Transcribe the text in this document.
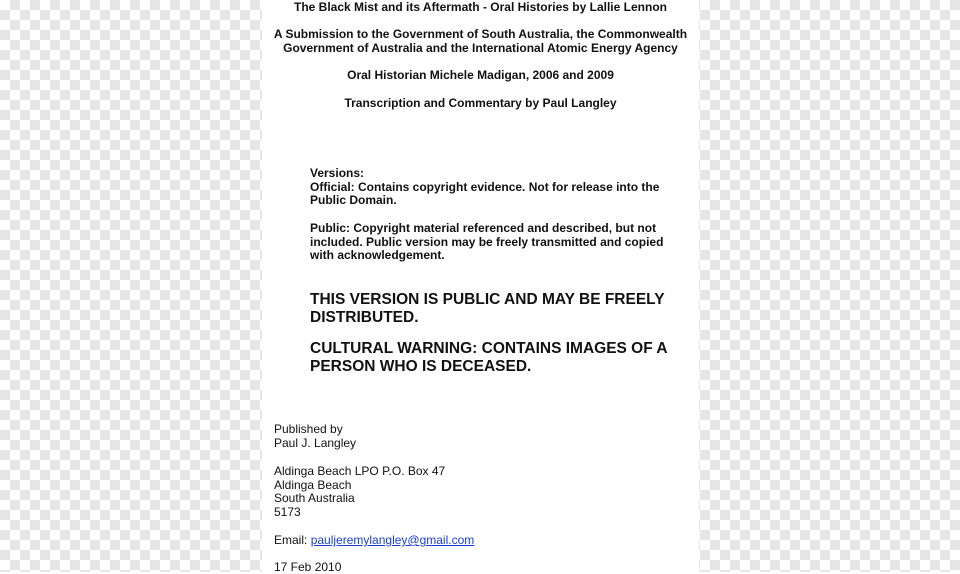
The Black Mist and its Aftermath - Oral Histories by Lallie Lennon
A Submission to the Government of South Australia, the Commonwealth
Government of Australia and the International Atomic Energy Agency
Oral Historian Michele Madigan, 2006 and 2009
Transcription and Commentary by Paul Langley
Versions:
Official: Contains copyright evidence. Not for release into the
Public Domain.
Public: Copyright material referenced and described, but not
included. Public version may be freely transmitted and copied
with acknowledgement.
THIS VERSION IS PUBLIC AND MAY BE FREELY
DISTRIBUTED.
CULTURAL WARNING: CONTAINS IMAGES OF A
PERSON WHO IS DECEASED.
Published by
Paul J. Langley
Aldinga Beach LPO P.O. Box 47
Aldinga Beach
South Australia
5173
Email: pauljeremylangley@gmail.com
17 Feb 2010
